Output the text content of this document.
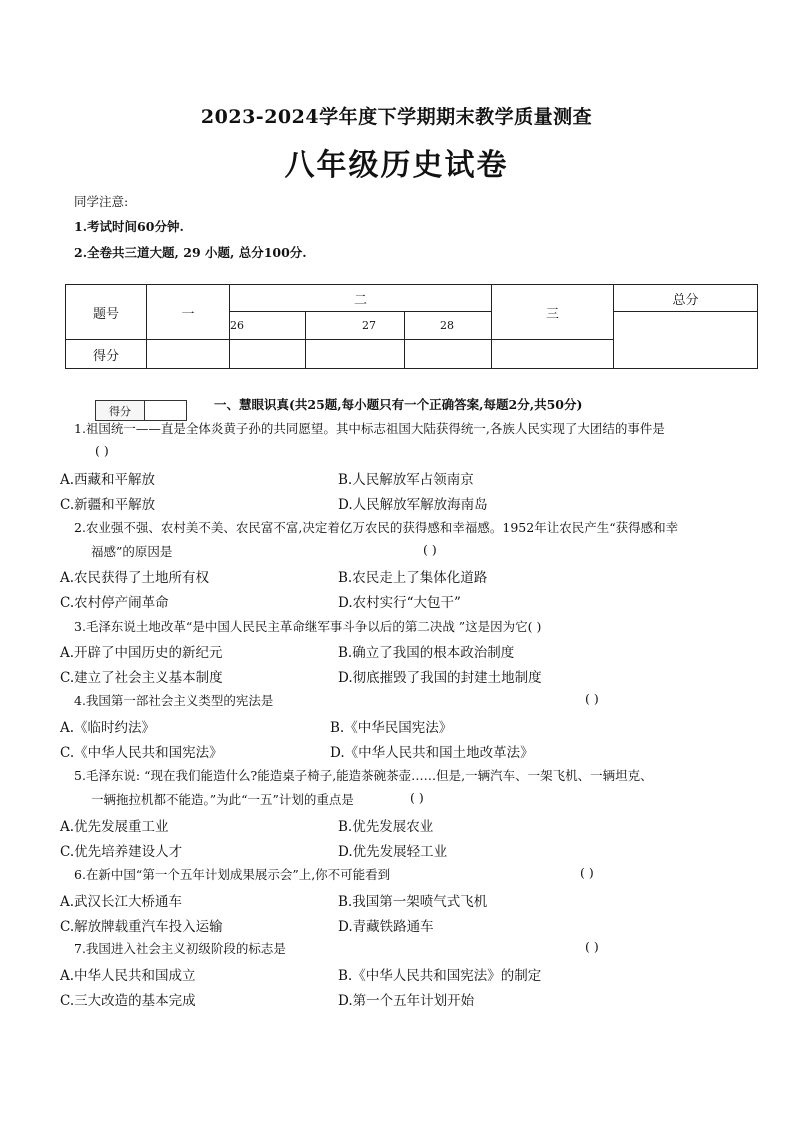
2023-2024学年度下学期期末教学质量测查
八年级历史试卷
同学注意:
1.考试时间60分钟.
2.全卷共三道大题, 29 小题, 总分100分.
题号	一	二			三	总分
		26	27	28		
得分						
得分	一、慧眼识真(共25题,每小题只有一个正确答案,每题2分,共50分)
1.祖国统一——直是全体炎黄子孙的共同愿望。其中标志祖国大陆获得统一,各族人民实现了大团结的事件是
( )
A.西藏和平解放	B.人民解放军占领南京
C.新疆和平解放	D.人民解放军解放海南岛
2.农业强不强、农村美不美、农民富不富,决定着亿万农民的获得感和幸福感。1952年让农民产生“获得感和幸
福感”的原因是	( )
A.农民获得了土地所有权	B.农民走上了集体化道路
C.农村停产闹革命	D.农村实行“大包干”
3.毛泽东说土地改革“是中国人民民主革命继军事斗争以后的第二决战 ”这是因为它( )
A.开辟了中国历史的新纪元	B.确立了我国的根本政治制度
C.建立了社会主义基本制度	D.彻底摧毁了我国的封建土地制度
4.我国第一部社会主义类型的宪法是	( )
A.《临时约法》	B.《中华民国宪法》
C.《中华人民共和国宪法》	D.《中华人民共和国土地改革法》
5.毛泽东说: “现在我们能造什么?能造桌子椅子,能造茶碗茶壶……但是,一辆汽车、一架飞机、一辆坦克、
一辆拖拉机都不能造。”为此“一五”计划的重点是	( )
A.优先发展重工业	B.优先发展农业
C.优先培养建设人才	D.优先发展轻工业
6.在新中国“第一个五年计划成果展示会”上,你不可能看到	( )
A.武汉长江大桥通车	B.我国第一架喷气式飞机
C.解放牌载重汽车投入运输	D.青藏铁路通车
7.我国进入社会主义初级阶段的标志是	( )
A.中华人民共和国成立	B.《中华人民共和国宪法》的制定
C.三大改造的基本完成	D.第一个五年计划开始
